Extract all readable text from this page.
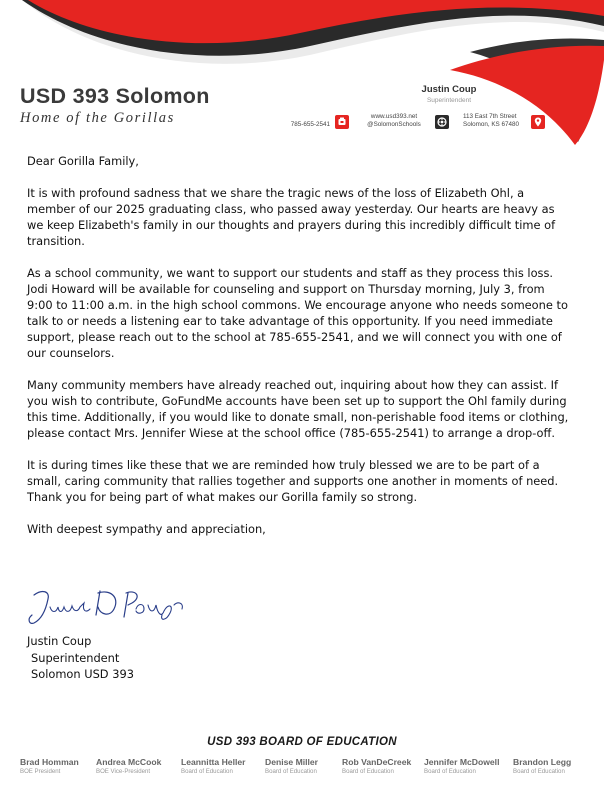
USD 393 Solomon
Home of the Gorillas
Justin Coup
Superintendent
785-655-2541
www.usd393.net
@SolomonSchools
113 East 7th Street
Solomon, KS 67480

Dear Gorilla Family,

It is with profound sadness that we share the tragic news of the loss of Elizabeth Ohl, a member of our 2025 graduating class, who passed away yesterday. Our hearts are heavy as we keep Elizabeth's family in our thoughts and prayers during this incredibly difficult time of transition.

As a school community, we want to support our students and staff as they process this loss. Jodi Howard will be available for counseling and support on Thursday morning, July 3, from 9:00 to 11:00 a.m. in the high school commons. We encourage anyone who needs someone to talk to or needs a listening ear to take advantage of this opportunity. If you need immediate support, please reach out to the school at 785-655-2541, and we will connect you with one of our counselors.

Many community members have already reached out, inquiring about how they can assist. If you wish to contribute, GoFundMe accounts have been set up to support the Ohl family during this time. Additionally, if you would like to donate small, non-perishable food items or clothing, please contact Mrs. Jennifer Wiese at the school office (785-655-2541) to arrange a drop-off.

It is during times like these that we are reminded how truly blessed we are to be part of a small, caring community that rallies together and supports one another in moments of need. Thank you for being part of what makes our Gorilla family so strong.

With deepest sympathy and appreciation,

Justin Coup
Superintendent
Solomon USD 393
USD 393 BOARD OF EDUCATION
Brad Homman
BOE President
Andrea McCook
BOE Vice-President
Leannitta Heller
Board of Education
Denise Miller
Board of Education
Rob VanDeCreek
Board of Education
Jennifer McDowell
Board of Education
Brandon Legg
Board of Education
